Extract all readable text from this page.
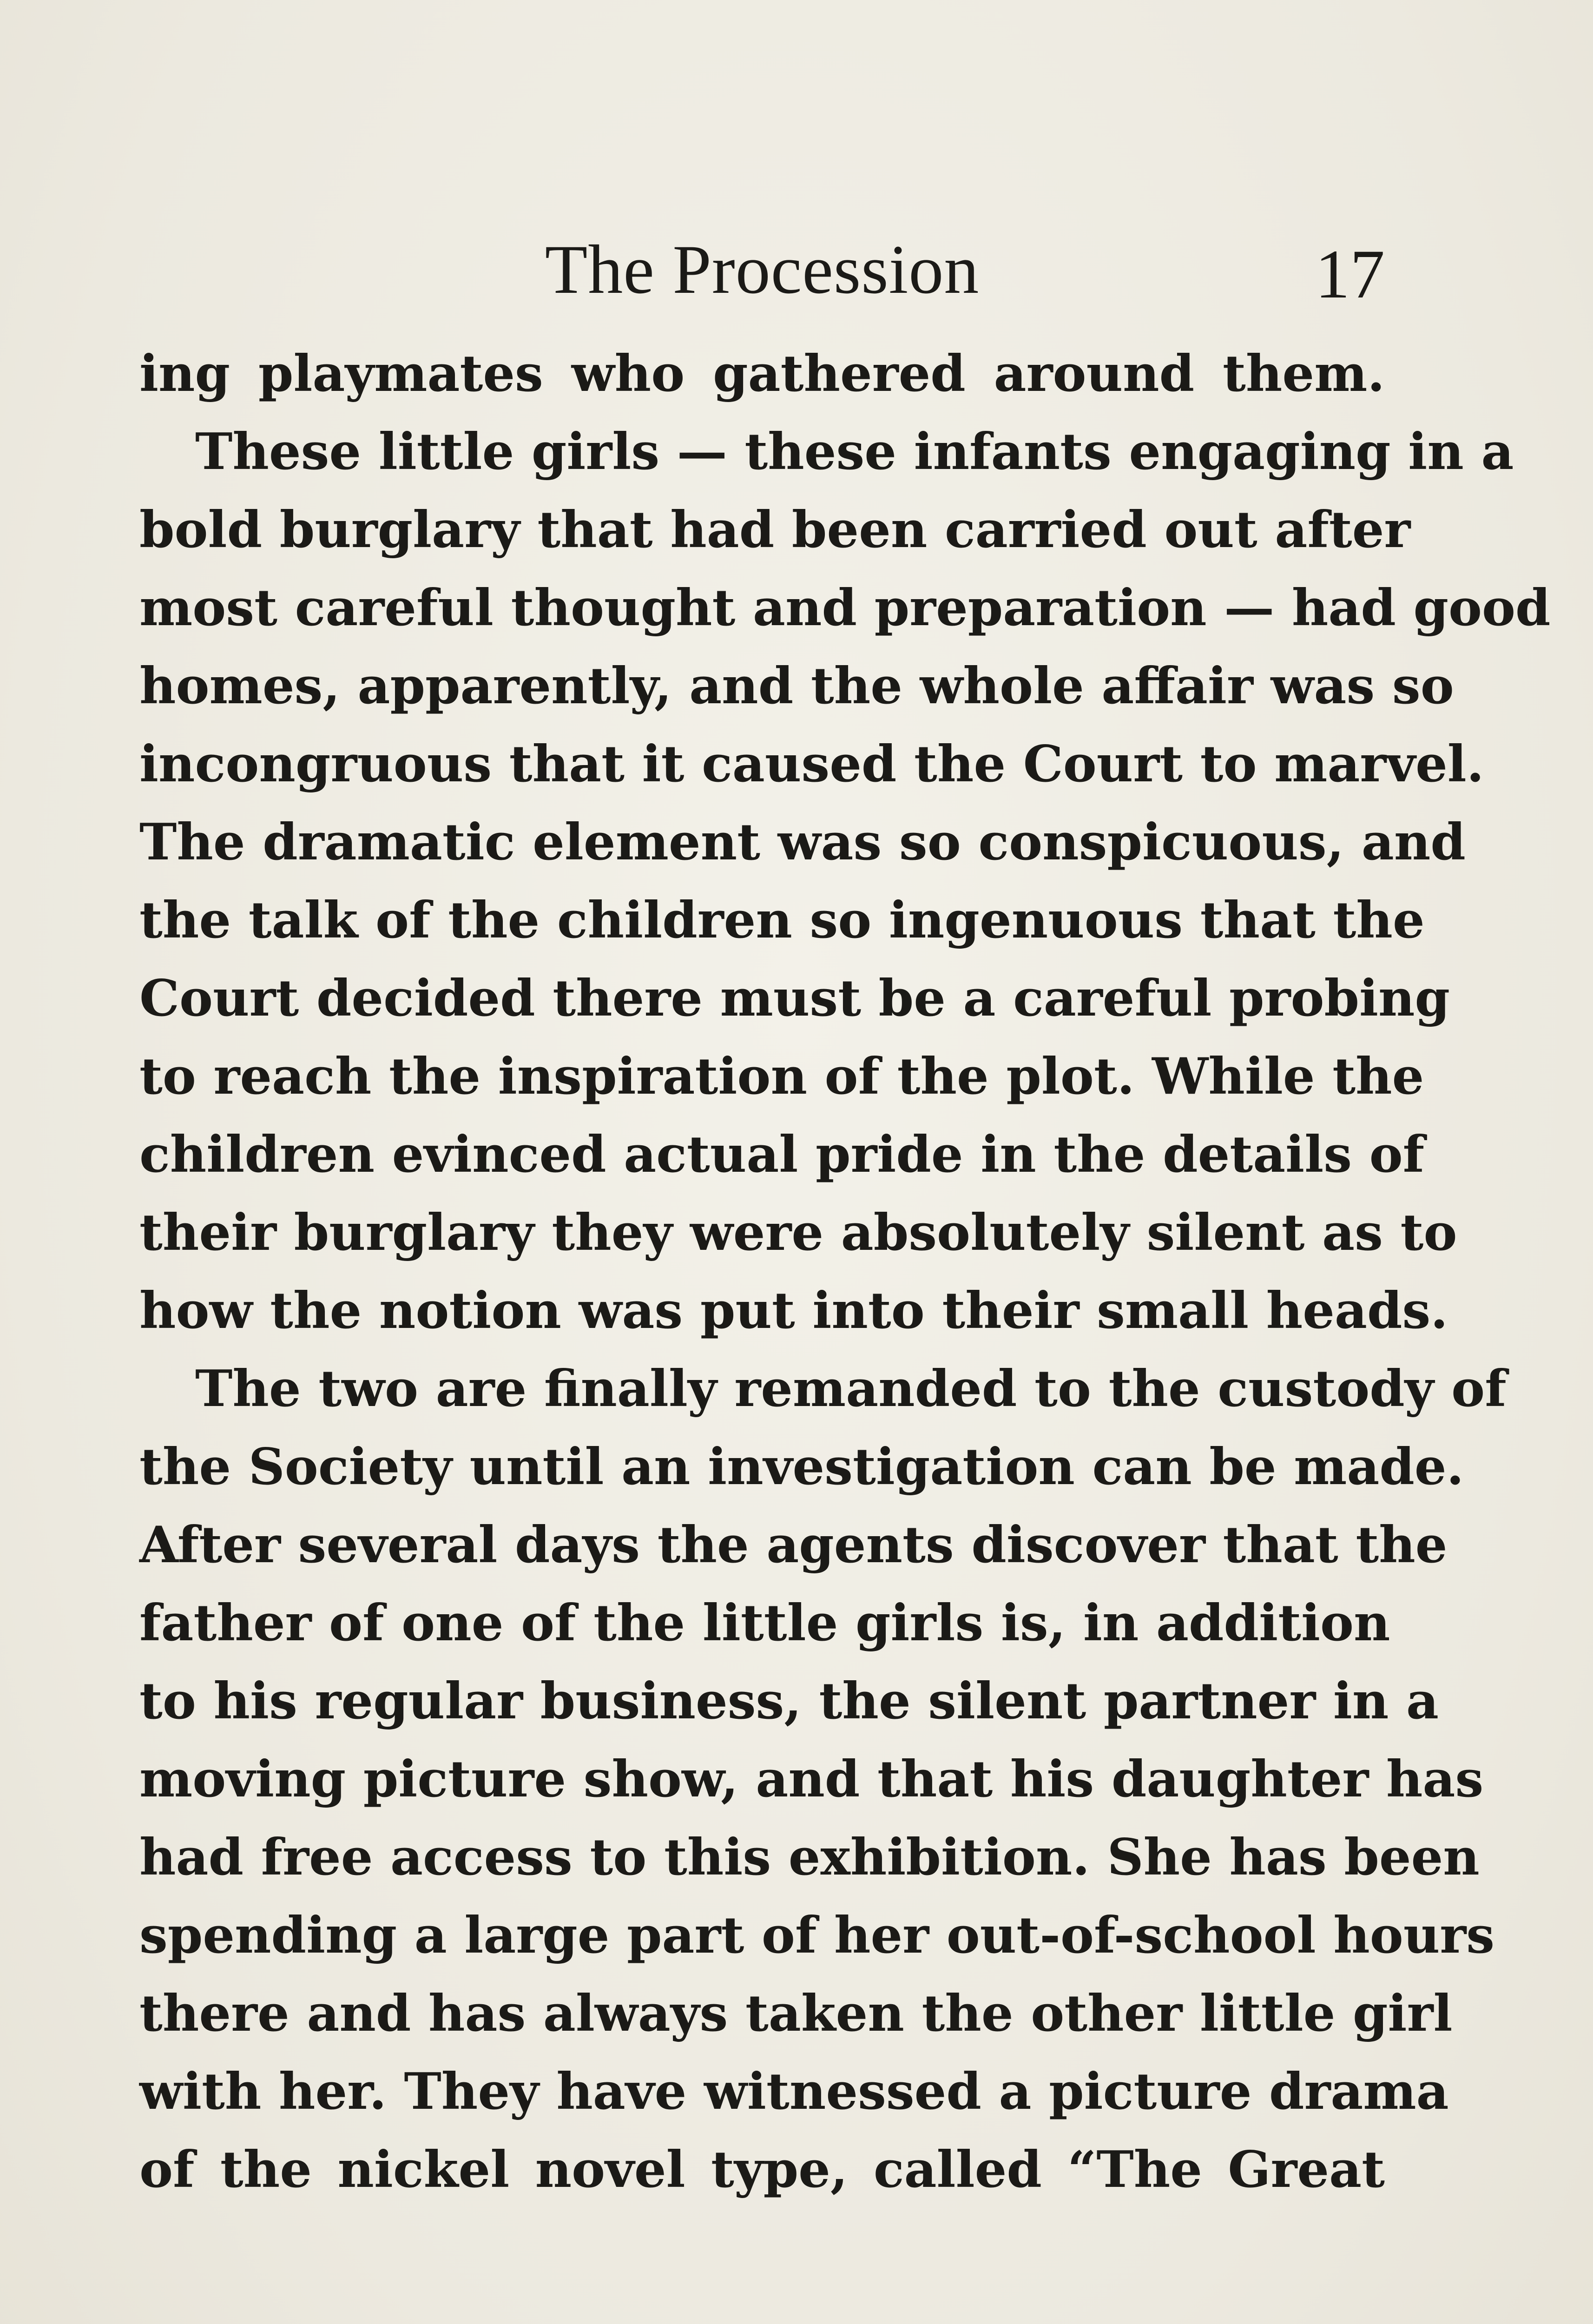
The Procession	17
ing playmates who gathered around them.
These little girls — these infants engaging in a
bold burglary that had been carried out after
most careful thought and preparation — had good
homes, apparently, and the whole affair was so
incongruous that it caused the Court to marvel.
The dramatic element was so conspicuous, and
the talk of the children so ingenuous that the
Court decided there must be a careful probing
to reach the inspiration of the plot. While the
children evinced actual pride in the details of
their burglary they were absolutely silent as to
how the notion was put into their small heads.
The two are finally remanded to the custody of
the Society until an investigation can be made.
After several days the agents discover that the
father of one of the little girls is, in addition
to his regular business, the silent partner in a
moving picture show, and that his daughter has
had free access to this exhibition. She has been
spending a large part of her out-of-school hours
there and has always taken the other little girl
with her. They have witnessed a picture drama
of the nickel novel type, called “The Great
